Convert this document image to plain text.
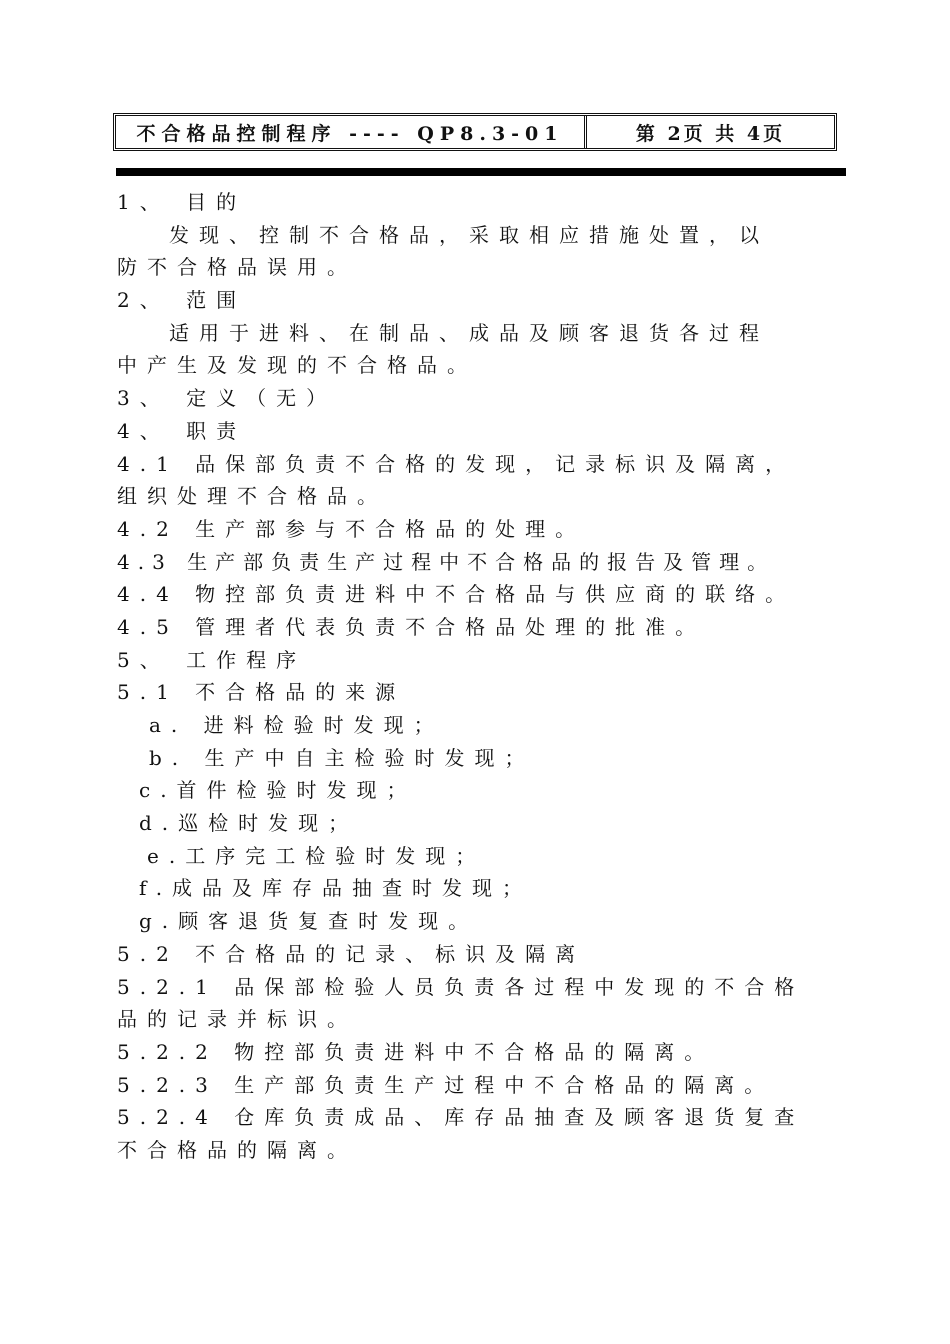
不合格品控制程序 ---- QP8.3-01	第 2页 共 4页
1、 目的
发现、控制不合格品，采取相应措施处置，以
防不合格品误用。
2、 范围
适用于进料、在制品、成品及顾客退货各过程
中产生及发现的不合格品。
3、 定义（无）
4、 职责
4.1 品保部负责不合格的发现，记录标识及隔离，
组织处理不合格品。
4.2 生产部参与不合格品的处理。
4.3 生产部负责生产过程中不合格品的报告及管理。
4.4 物控部负责进料中不合格品与供应商的联络。
4.5 管理者代表负责不合格品处理的批准。
5、 工作程序
5.1 不合格品的来源
a. 进料检验时发现；
b. 生产中自主检验时发现；
c.首件检验时发现；
d.巡检时发现；
e.工序完工检验时发现；
f.成品及库存品抽查时发现；
g.顾客退货复查时发现。
5.2 不合格品的记录、标识及隔离
5.2.1 品保部检验人员负责各过程中发现的不合格
品的记录并标识。
5.2.2 物控部负责进料中不合格品的隔离。
5.2.3 生产部负责生产过程中不合格品的隔离。
5.2.4 仓库负责成品、库存品抽查及顾客退货复查
不合格品的隔离。
